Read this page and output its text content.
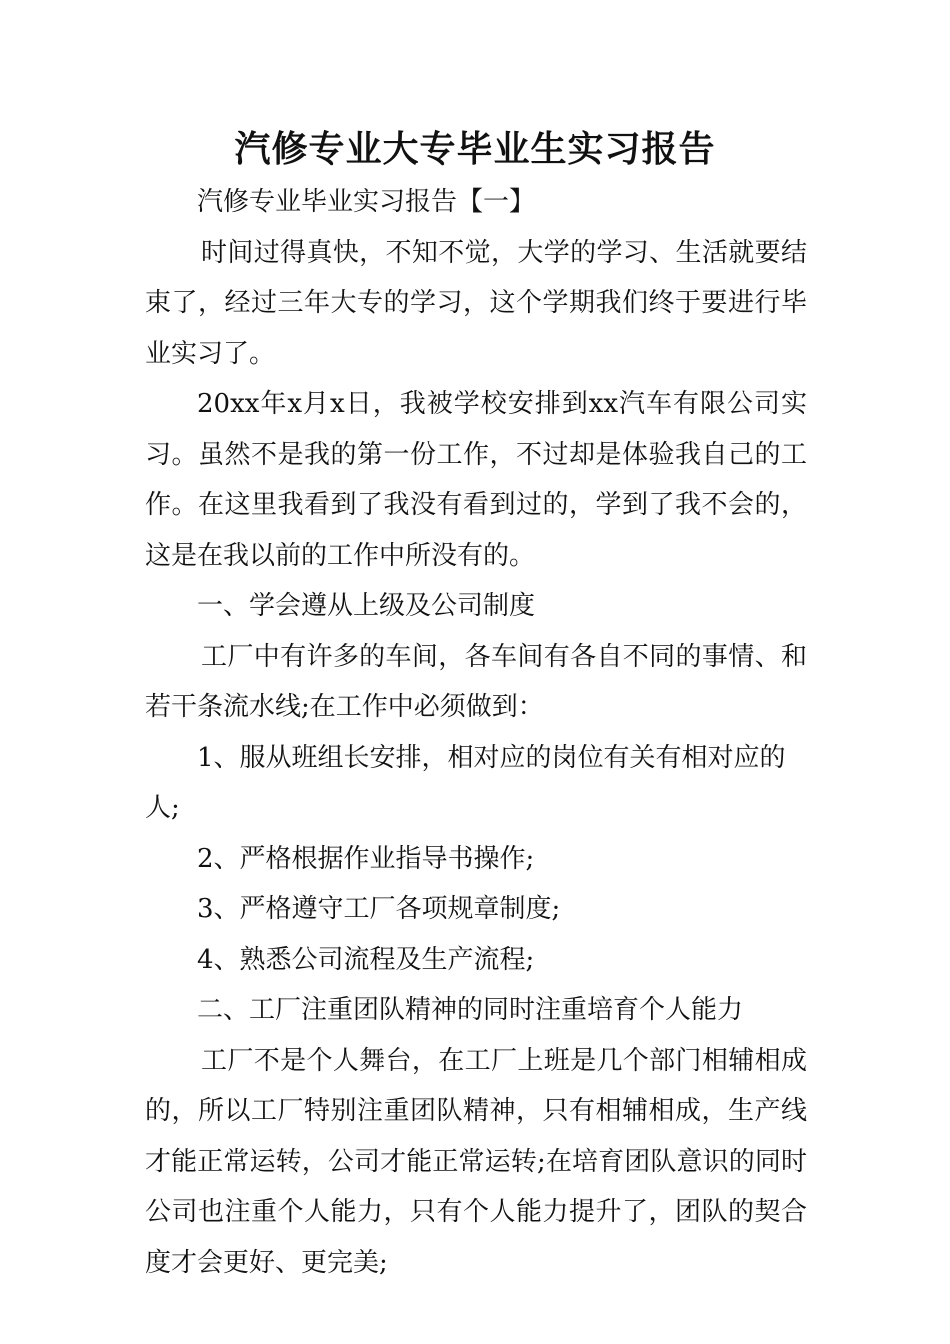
汽修专业大专毕业生实习报告

汽修专业毕业实习报告【一】

时间过得真快，不知不觉，大学的学习、生活就要结束了，经过三年大专的学习，这个学期我们终于要进行毕业实习了。

20xx年x月x日，我被学校安排到xx汽车有限公司实习。虽然不是我的第一份工作，不过却是体验我自己的工作。在这里我看到了我没有看到过的，学到了我不会的，这是在我以前的工作中所没有的。

一、学会遵从上级及公司制度

工厂中有许多的车间，各车间有各自不同的事情、和若干条流水线;在工作中必须做到：

1、服从班组长安排，相对应的岗位有关有相对应的人;

2、严格根据作业指导书操作;

3、严格遵守工厂各项规章制度;

4、熟悉公司流程及生产流程;

二、工厂注重团队精神的同时注重培育个人能力

工厂不是个人舞台，在工厂上班是几个部门相辅相成的，所以工厂特别注重团队精神，只有相辅相成，生产线才能正常运转，公司才能正常运转;在培育团队意识的同时公司也注重个人能力，只有个人能力提升了，团队的契合度才会更好、更完美;
